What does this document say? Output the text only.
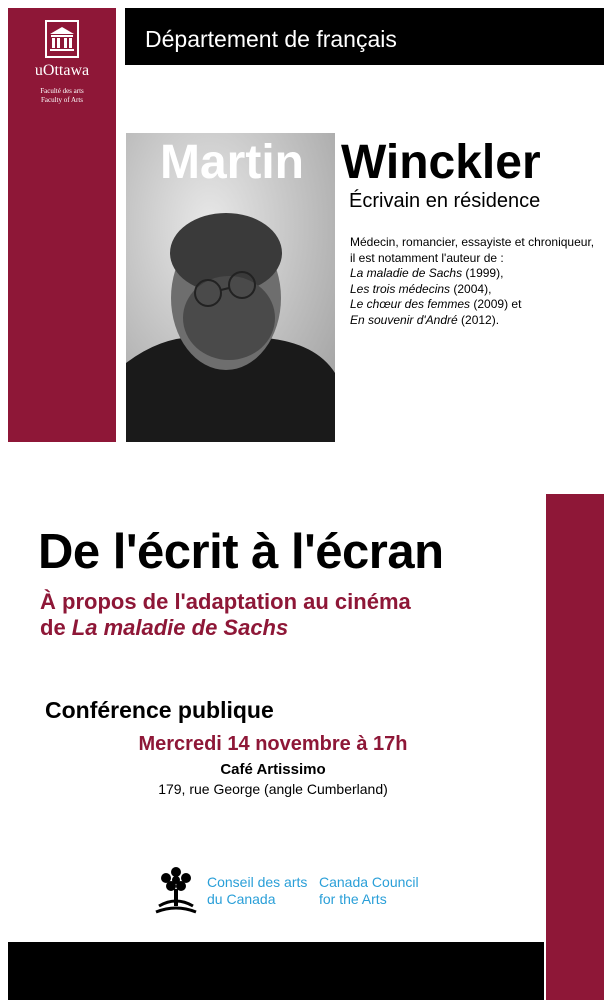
uOttawa
Faculté des arts
Faculty of Arts
Département de français
Martin Winckler
Écrivain en résidence
Médecin, romancier, essayiste et chroniqueur, il est notamment l'auteur de :
La maladie de Sachs (1999),
Les trois médecins (2004),
Le chœur des femmes (2009) et
En souvenir d'André (2012).
De l'écrit à l'écran
À propos de l'adaptation au cinéma
de La maladie de Sachs
Conférence publique
Mercredi 14 novembre à 17h
Café Artissimo
179, rue George (angle Cumberland)
Conseil des arts
du Canada
Canada Council
for the Arts
